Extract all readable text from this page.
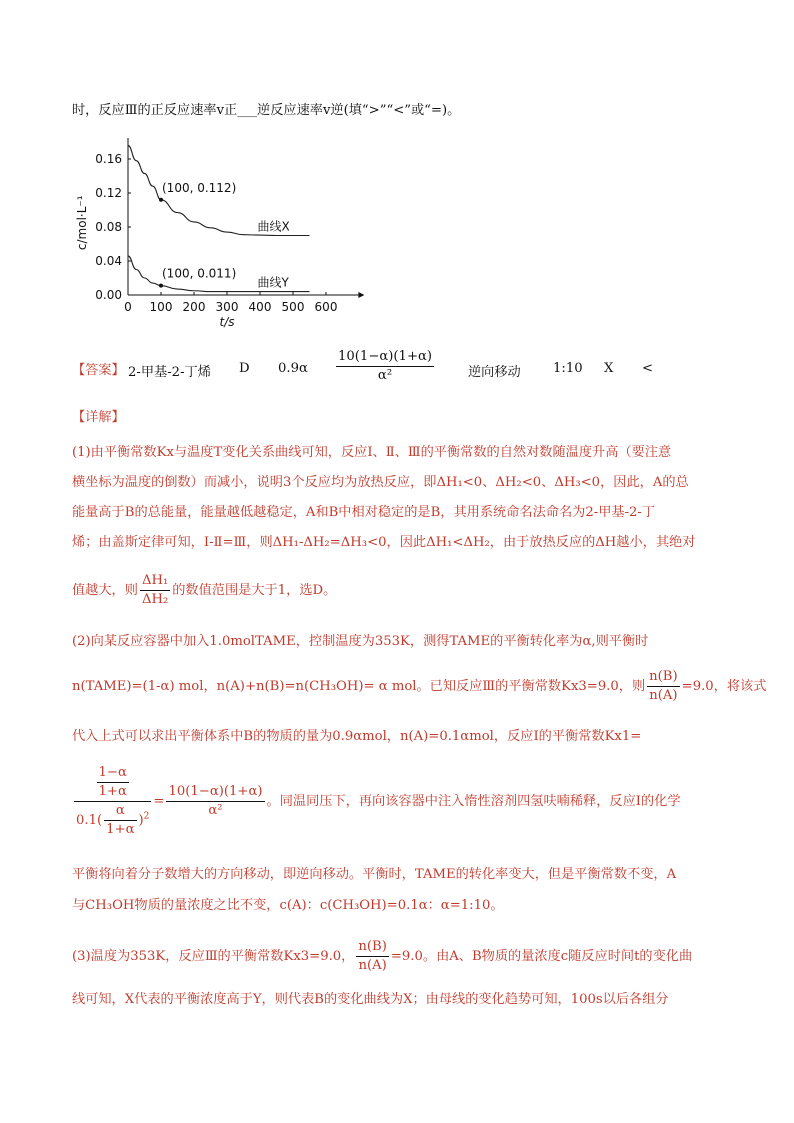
时，反应Ⅲ的正反应速率v正___逆反应速率v逆(填“>”“<”或“=)。
0 100 200 300 400 500 600
0.00
0.04
0.08
0.12
0.16
t/s
c/mol·L⁻¹	曲线X
曲线Y
(100, 0.112)
(100, 0.011)
【答案】 2-甲基-2-丁烯 D $0.9\alpha \frac{10(1-\alpha)(1+\alpha)}{\text{α²}}$	逆向移动 1:10 X <
【详解】
(1)由平衡常数Kx与温度T变化关系曲线可知，反应Ⅰ、Ⅱ、Ⅲ的平衡常数的自然对数随温度升高（要注意
横坐标为温度的倒数）而减小，说明3个反应均为放热反应，即ΔH₁<0、ΔH₂<0、ΔH₃<0，因此，A的总
能量高于B的总能量，能量越低越稳定，A和B中相对稳定的是B，其用系统命名法命名为2-甲基-2-丁
烯；由盖斯定律可知，Ⅰ-Ⅱ=Ⅲ，则ΔH₁-ΔH₂=ΔH₃<0，因此ΔH₁<ΔH₂，由于放热反应的ΔH越小，其绝对
值越大，则 $\frac{\text{ΔH₁}}{\text{ΔH₂}}$ 的数值范围是大于1，选D。
(2)向某反应容器中加入1.0molTAME，控制温度为353K，测得TAME的平衡转化率为α,则平衡时
n(TAME)=(1-α) mol，n(A)+n(B)=n(CH₃OH)= α mol。已知反应Ⅲ的平衡常数Kx3=9.0，则 $\frac{n(B)}{n(A)} =9.0$，将该式
代入上式可以求出平衡体系中B的物质的量为0.9αmol，n(A)=0.1αmol，反应Ⅰ的平衡常数Kx1=
$\frac{\frac{1-\alpha}{1+\alpha}}{0.1( \frac{\alpha}{1+\alpha} )^2} = \frac{10(1-\alpha)(1+\alpha)}{\text{α²}}$ 。同温同压下，再向该容器中注入惰性溶剂四氢呋喃稀释，反应Ⅰ的化学
平衡将向着分子数增大的方向移动，即逆向移动。平衡时，TAME的转化率变大，但是平衡常数不变，A
与CH₃OH物质的量浓度之比不变，c(A)：c(CH₃OH)=0.1α：α=1:10。
(3)温度为353K，反应Ⅲ的平衡常数Kx3=9.0， $\frac{n(B)}{n(A)} =9.0$。由A、B物质的量浓度c随反应时间t的变化曲
线可知，X代表的平衡浓度高于Y，则代表B的变化曲线为X；由母线的变化趋势可知，100s以后各组分
